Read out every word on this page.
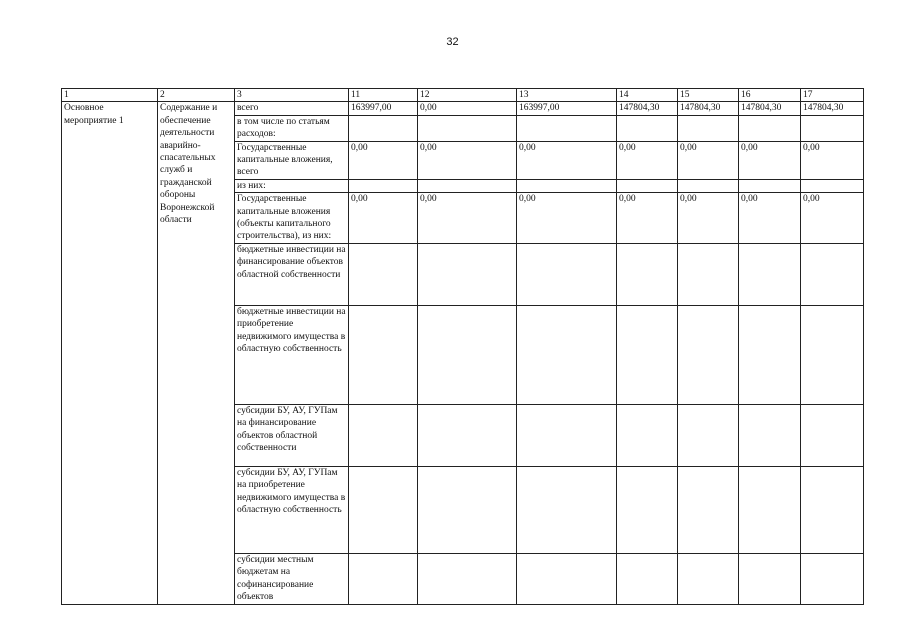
32
1	2	3	11	12	13	14	15	16	17
Основное мероприятие 1	Содержание и обеспечение деятельности аварийно-спасательных служб и гражданской обороны Воронежской области	всего	163997,00	0,00	163997,00	147804,30	147804,30	147804,30	147804,30
		в том числе по статьям расходов:							
		Государственные капитальные вложения, всего	0,00	0,00	0,00	0,00	0,00	0,00	0,00
		из них:							
		Государственные капитальные вложения (объекты капитального строительства), из них:	0,00	0,00	0,00	0,00	0,00	0,00	0,00
		бюджетные инвестиции на финансирование объектов областной собственности							
		бюджетные инвестиции на приобретение недвижимого имущества в областную собственность							
		субсидии БУ, АУ, ГУПам на финансирование объектов областной собственности							
		субсидии БУ, АУ, ГУПам на приобретение недвижимого имущества в областную собственность							
		субсидии местным бюджетам на софинансирование объектов							
